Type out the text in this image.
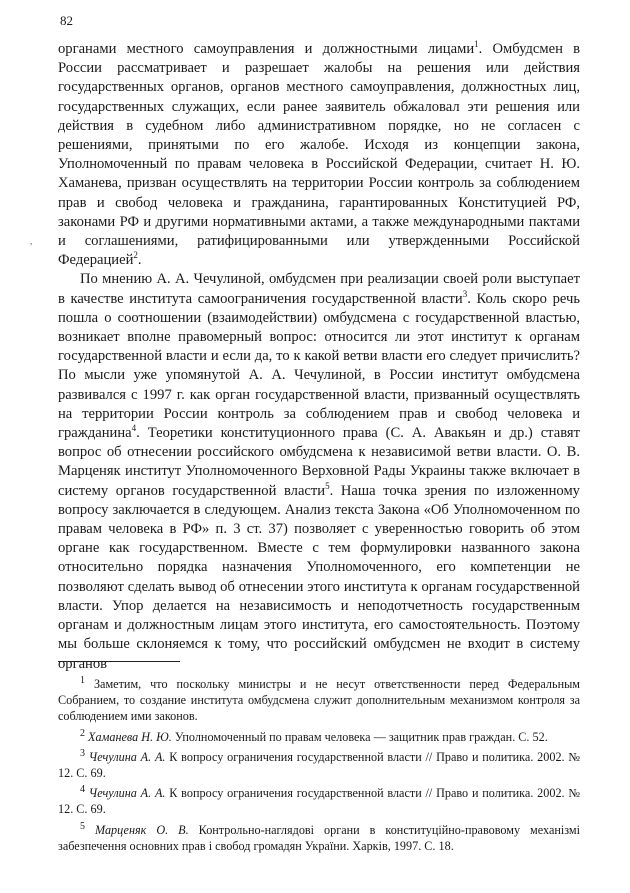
82
,

органами местного самоуправления и должностными лицами$^1$. Омбудсмен в России рассматривает и разрешает жалобы на решения или действия государственных органов, органов местного самоуправления, должностных лиц, государственных служащих, если ранее заявитель обжаловал эти решения или действия в судебном либо административном порядке, но не согласен с решениями, принятыми по его жалобе. Исходя из концепции закона, Уполномоченный по правам человека в Российской Федерации, считает Н. Ю. Хаманева, призван осуществлять на территории России контроль за соблюдением прав и свобод человека и гражданина, гарантированных Конституцией РФ, законами РФ и другими нормативными актами, а также международными пактами и соглашениями, ратифицированными или утвержденными Российской Федерацией$^2$.

По мнению А. А. Чечулиной, омбудсмен при реализации своей роли выступает в качестве института самоограничения государственной власти$^3$. Коль скоро речь пошла о соотношении (взаимодействии) омбудсмена с государственной властью, возникает вполне правомерный вопрос: относится ли этот институт к органам государственной власти и если да, то к какой ветви власти его следует причислить? По мысли уже упомянутой А. А. Чечулиной, в России институт омбудсмена развивался с 1997 г. как орган государственной власти, призванный осуществлять на территории России контроль за соблюдением прав и свобод человека и гражданина$^4$. Теоретики конституционного права (С. А. Авакьян и др.) ставят вопрос об отнесении российского омбудсмена к независимой ветви власти. О. В. Марценяк институт Уполномоченного Верховной Рады Украины также включает в систему органов государственной власти$^5$. Наша точка зрения по изложенному вопросу заключается в следующем. Анализ текста Закона «Об Уполномоченном по правам человека в РФ» п. 3 ст. 37) позволяет с уверенностью говорить об этом органе как государственном. Вместе с тем формулировки названного закона относительно порядка назначения Уполномоченного, его компетенции не позволяют сделать вывод об отнесении этого института к органам государственной власти. Упор делается на независимость и неподотчетность государственным органам и должностным лицам этого института, его самостоятельность. Поэтому мы больше склоняемся к тому, что российский омбудсмен не входит в систему органов

$^1$ Заметим, что поскольку министры и не несут ответственности перед Федеральным Собранием, то создание института омбудсмена служит дополнительным механизмом контроля за соблюдением ими законов.

$^2$ Хаманева Н. Ю. Уполномоченный по правам человека — защитник прав граждан. С. 52.

$^3$ Чечулина А. А. К вопросу ограничения государственной власти // Право и политика. 2002. № 12. С. 69.

$^4$ Чечулина А. А. К вопросу ограничения государственной власти // Право и политика. 2002. № 12. С. 69.

$^5$ Марценяк О. В. Контрольно-наглядові органи в конституційно-правовому механізмі забезпечення основних прав і свобод громадян України. Харків, 1997. С. 18.
